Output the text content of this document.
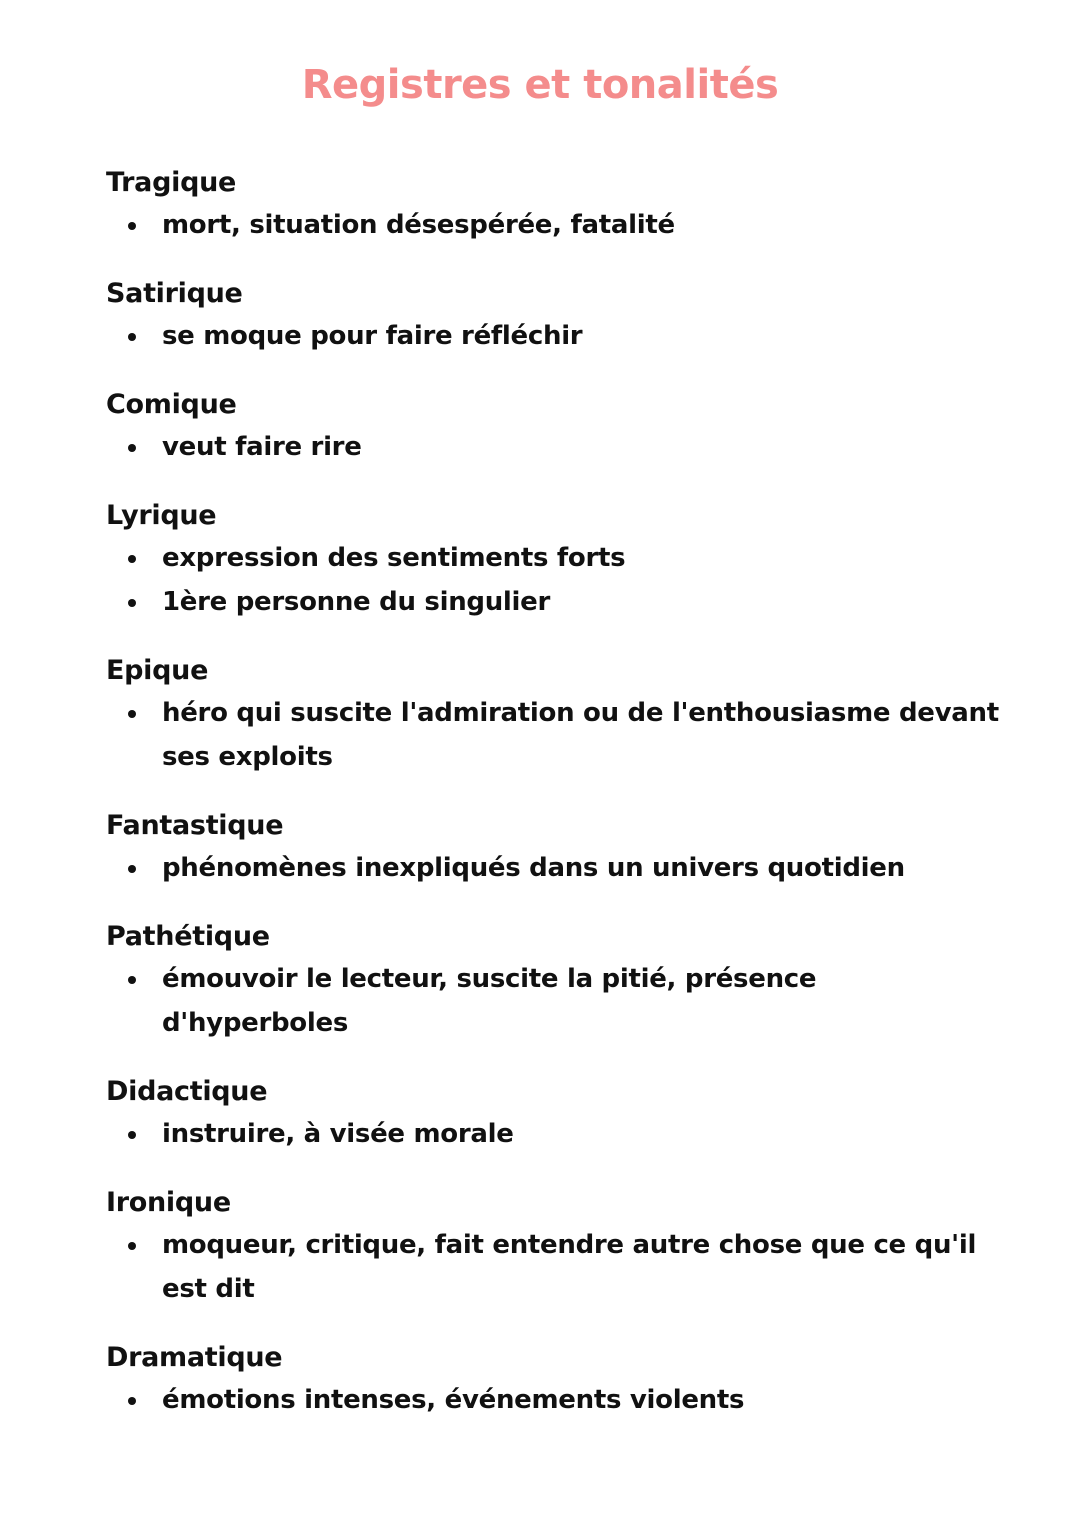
Registres et tonalités
Tragique
mort, situation désespérée, fatalité
Satirique
se moque pour faire réfléchir
Comique
veut faire rire
Lyrique
expression des sentiments forts
1ère personne du singulier
Epique
héro qui suscite l'admiration ou de l'enthousiasme devant ses exploits
Fantastique
phénomènes inexpliqués dans un univers quotidien
Pathétique
émouvoir le lecteur, suscite la pitié, présence d'hyperboles
Didactique
instruire, à visée morale
Ironique
moqueur, critique, fait entendre autre chose que ce qu'il est dit
Dramatique
émotions intenses, événements violents
